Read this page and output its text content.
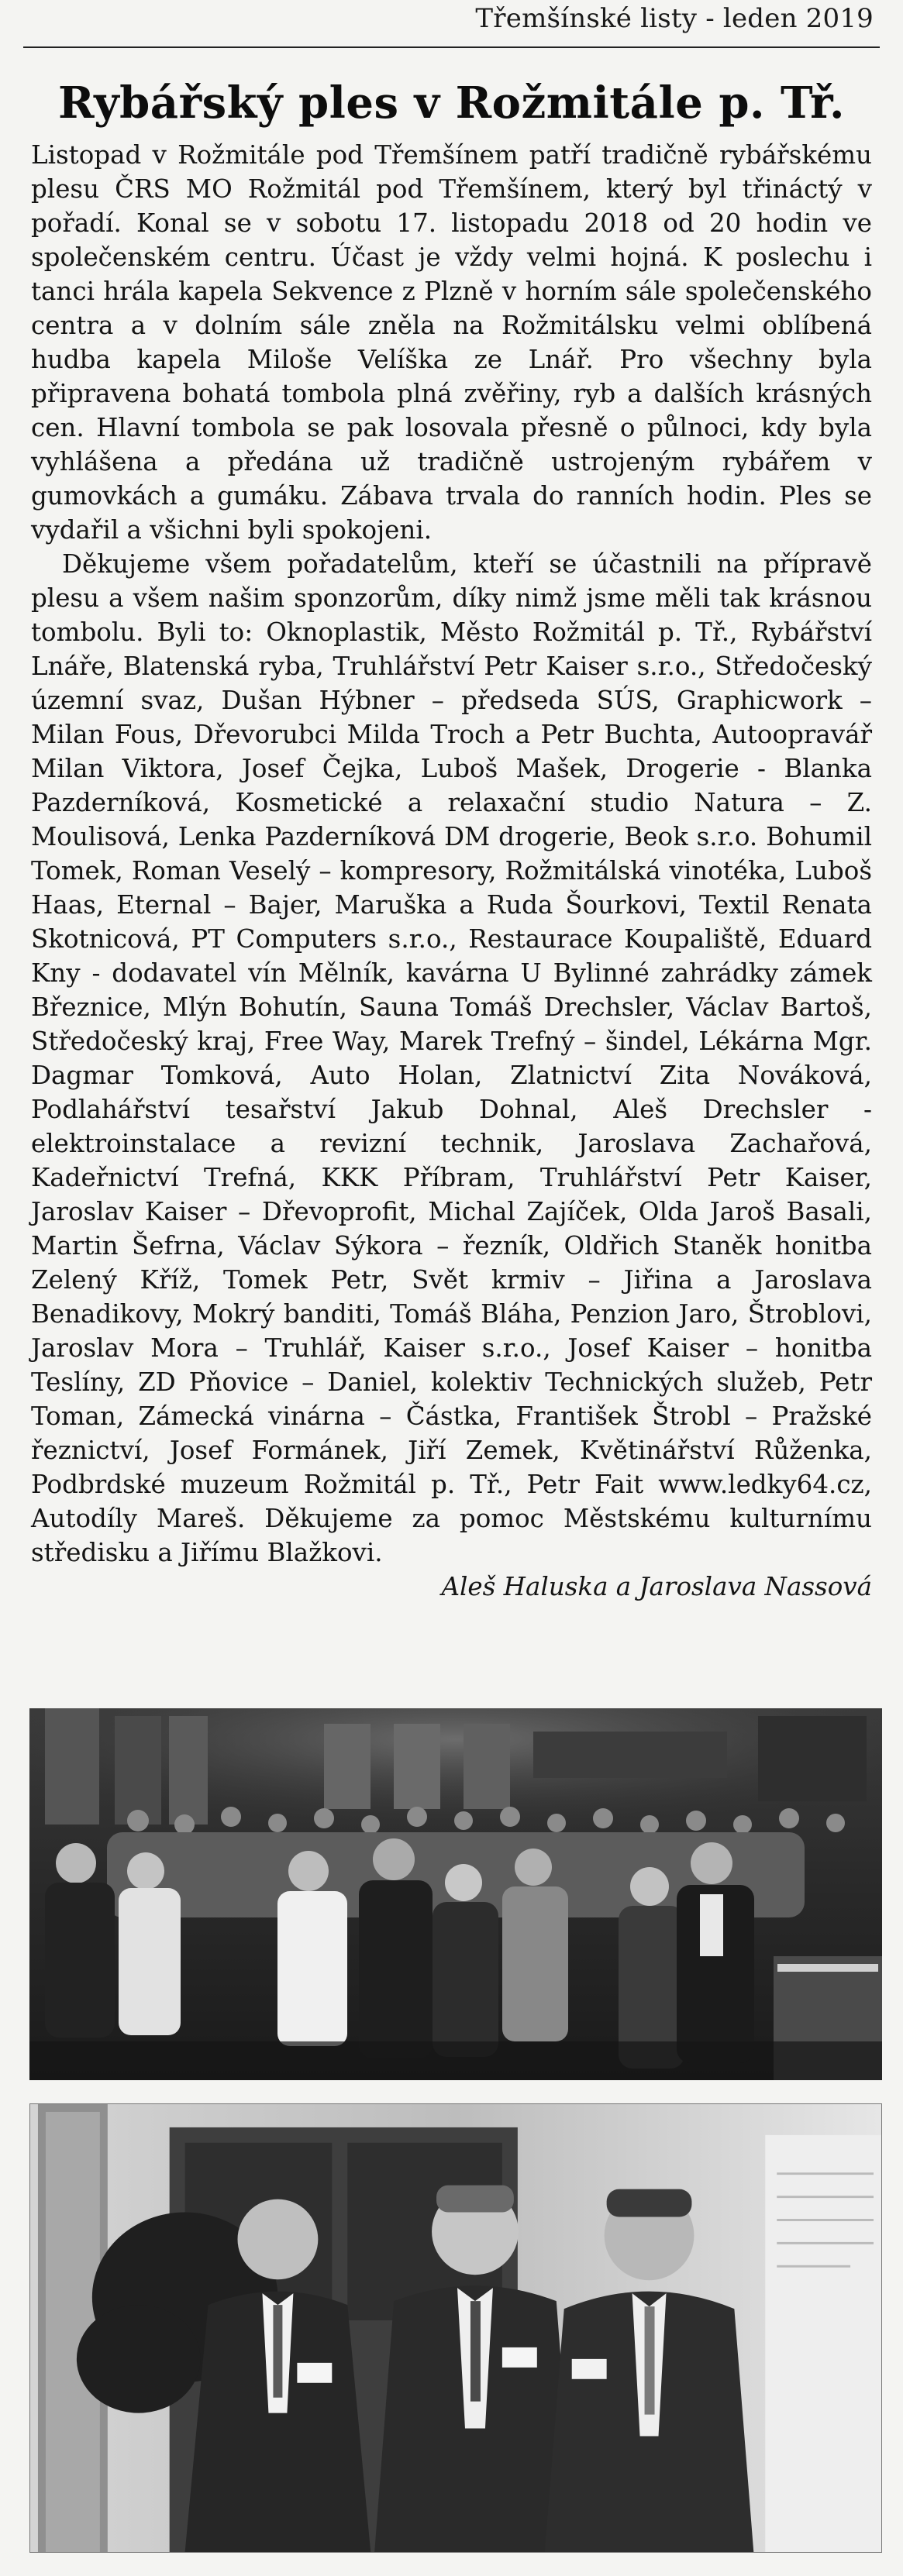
Třemšínské listy - leden 2019
Rybářský ples v Rožmitále p. Tř.

Listopad v Rožmitále pod Třemšínem patří tradičně rybářskému plesu ČRS MO Rožmitál pod Třemšínem, který byl třináctý v pořadí. Konal se v sobotu 17. listopadu 2018 od 20 hodin ve společenském centru. Účast je vždy velmi hojná. K poslechu i tanci hrála kapela Sekvence z Plzně v horním sále společenského centra a v dolním sále zněla na Rožmitálsku velmi oblíbená hudba kapela Miloše Velíška ze Lnář. Pro všechny byla připravena bohatá tombola plná zvěřiny, ryb a dalších krásných cen. Hlavní tombola se pak losovala přesně o půlnoci, kdy byla vyhlášena a předána už tradičně ustrojeným rybářem v gumovkách a gumáku. Zábava trvala do ranních hodin. Ples se vydařil a všichni byli spokojeni.

Děkujeme všem pořadatelům, kteří se účastnili na přípravě plesu a všem našim sponzorům, díky nimž jsme měli tak krásnou tombolu. Byli to: Oknoplastik, Město Rožmitál p. Tř., Rybářství Lnáře, Blatenská ryba, Truhlářství Petr Kaiser s.r.o., Středočeský územní svaz, Dušan Hýbner – předseda SÚS, Graphicwork – Milan Fous, Dřevorubci Milda Troch a Petr Buchta, Autoopravář Milan Viktora, Josef Čejka, Luboš Mašek, Drogerie - Blanka Pazderníková, Kosmetické a relaxační studio Natura – Z. Moulisová, Lenka Pazderníková DM drogerie, Beok s.r.o. Bohumil Tomek, Roman Veselý – kompresory, Rožmitálská vinotéka, Luboš Haas, Eternal – Bajer, Maruška a Ruda Šourkovi, Textil Renata Skotnicová, PT Computers s.r.o., Restaurace Koupaliště, Eduard Kny - dodavatel vín Mělník, kavárna U Bylinné zahrádky zámek Březnice, Mlýn Bohutín, Sauna Tomáš Drechsler, Václav Bartoš, Středočeský kraj, Free Way, Marek Trefný – šindel, Lékárna Mgr. Dagmar Tomková, Auto Holan, Zlatnictví Zita Nováková, Podlahářství tesařství Jakub Dohnal, Aleš Drechsler - elektroinstalace a revizní technik, Jaroslava Zachařová, Kadeřnictví Trefná, KKK Příbram, Truhlářství Petr Kaiser, Jaroslav Kaiser – Dřevoprofit, Michal Zajíček, Olda Jaroš Basali, Martin Šefrna, Václav Sýkora – řezník, Oldřich Staněk honitba Zelený Kříž, Tomek Petr, Svět krmiv – Jiřina a Jaroslava Benadikovy, Mokrý banditi, Tomáš Bláha, Penzion Jaro, Štroblovi, Jaroslav Mora – Truhlář, Kaiser s.r.o., Josef Kaiser – honitba Teslíny, ZD Pňovice – Daniel, kolektiv Technických služeb, Petr Toman, Zámecká vinárna – Částka, František Štrobl – Pražské řeznictví, Josef Formánek, Jiří Zemek, Květinářství Růženka, Podbrdské muzeum Rožmitál p. Tř., Petr Fait www.ledky64.cz, Autodíly Mareš. Děkujeme za pomoc Městskému kulturnímu středisku a Jiřímu Blažkovi.

Aleš Haluska a Jaroslava Nassová
